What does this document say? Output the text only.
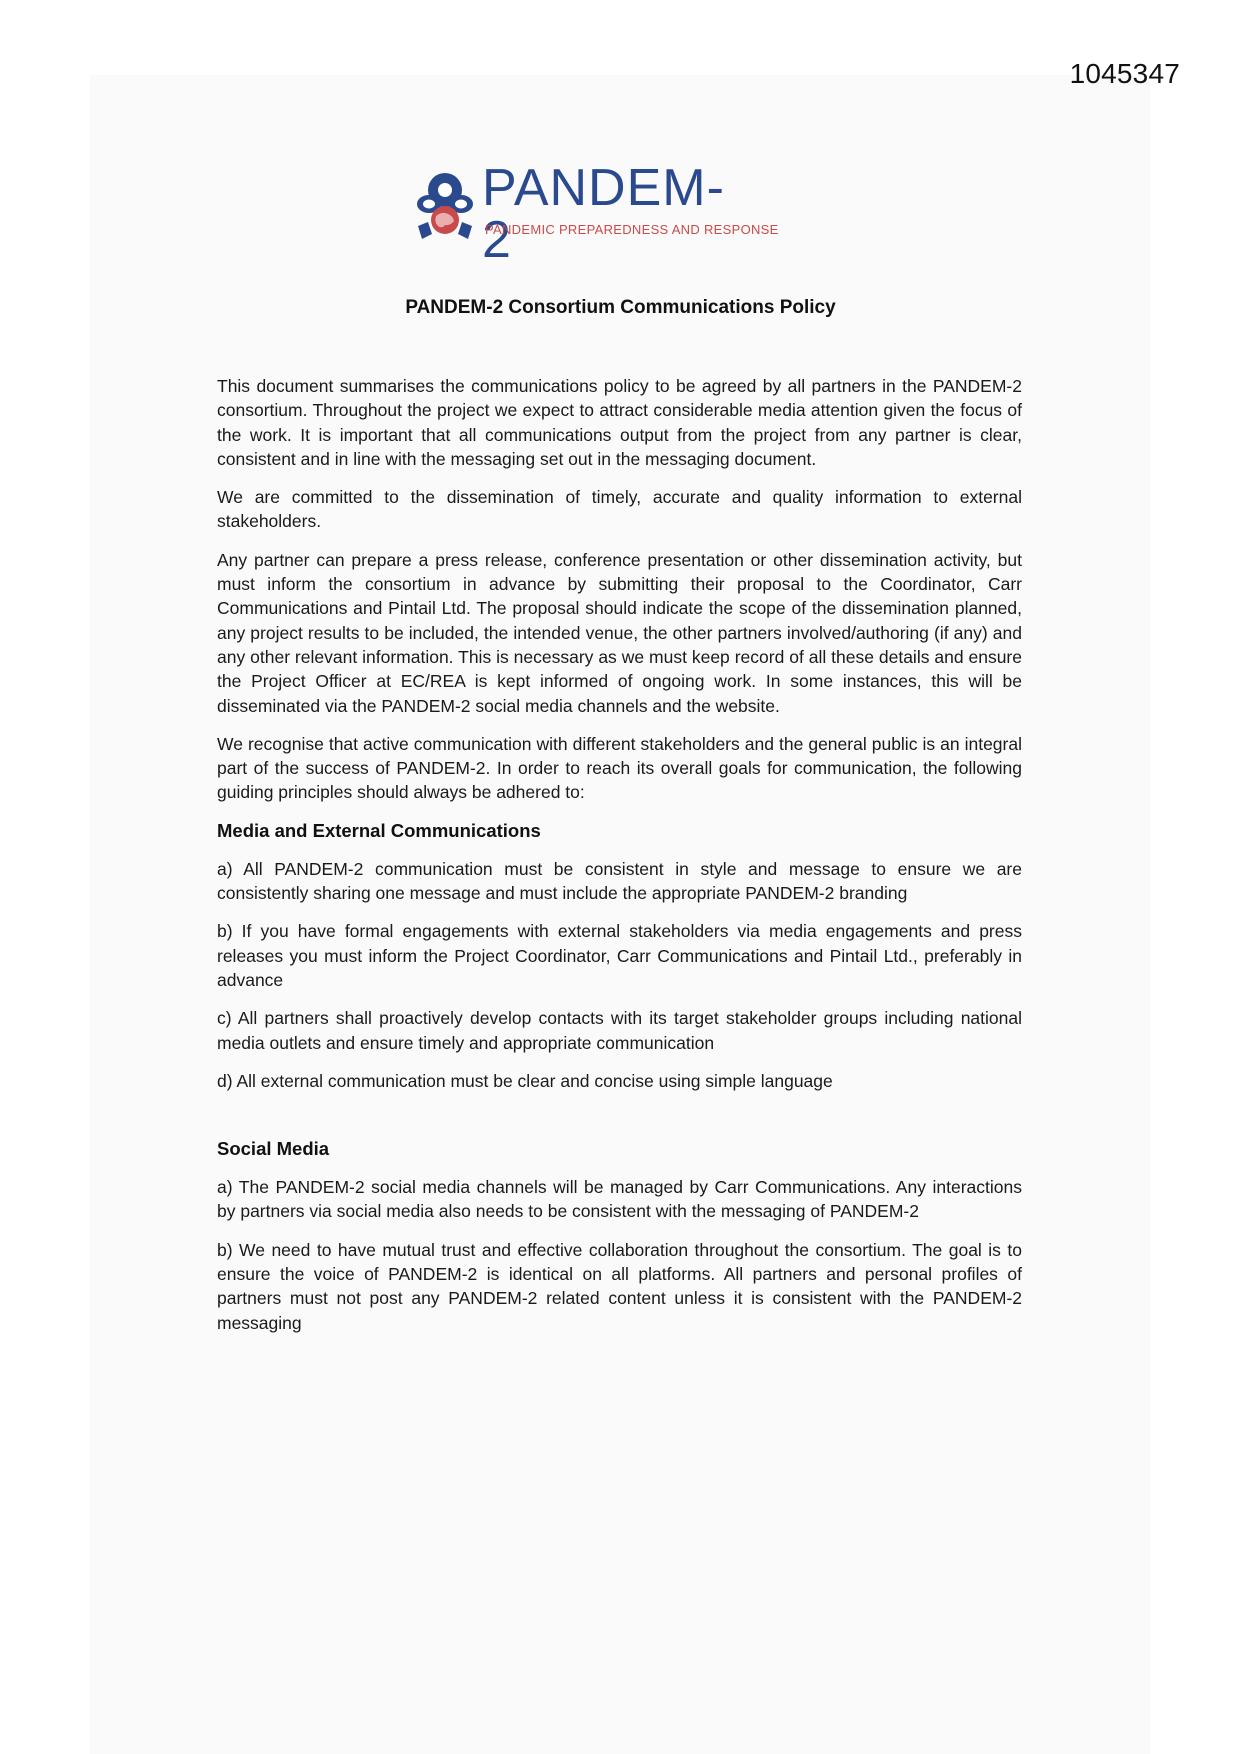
1045347
PANDEM-2
PANDEMIC PREPAREDNESS AND RESPONSE
PANDEM-2 Consortium Communications Policy

This document summarises the communications policy to be agreed by all partners in the PANDEM-2 consortium. Throughout the project we expect to attract considerable media attention given the focus of the work. It is important that all communications output from the project from any partner is clear, consistent and in line with the messaging set out in the messaging document.

We are committed to the dissemination of timely, accurate and quality information to external stakeholders.

Any partner can prepare a press release, conference presentation or other dissemination activity, but must inform the consortium in advance by submitting their proposal to the Coordinator, Carr Communications and Pintail Ltd. The proposal should indicate the scope of the dissemination planned, any project results to be included, the intended venue, the other partners involved/authoring (if any) and any other relevant information. This is necessary as we must keep record of all these details and ensure the Project Officer at EC/REA is kept informed of ongoing work. In some instances, this will be disseminated via the PANDEM-2 social media channels and the website.

We recognise that active communication with different stakeholders and the general public is an integral part of the success of PANDEM-2. In order to reach its overall goals for communication, the following guiding principles should always be adhered to:

Media and External Communications

a) All PANDEM-2 communication must be consistent in style and message to ensure we are consistently sharing one message and must include the appropriate PANDEM-2 branding

b) If you have formal engagements with external stakeholders via media engagements and press releases you must inform the Project Coordinator, Carr Communications and Pintail Ltd., preferably in advance

c) All partners shall proactively develop contacts with its target stakeholder groups including national media outlets and ensure timely and appropriate communication

d) All external communication must be clear and concise using simple language

Social Media

a) The PANDEM-2 social media channels will be managed by Carr Communications. Any interactions by partners via social media also needs to be consistent with the messaging of PANDEM-2

b) We need to have mutual trust and effective collaboration throughout the consortium. The goal is to ensure the voice of PANDEM-2 is identical on all platforms. All partners and personal profiles of partners must not post any PANDEM-2 related content unless it is consistent with the PANDEM-2 messaging
